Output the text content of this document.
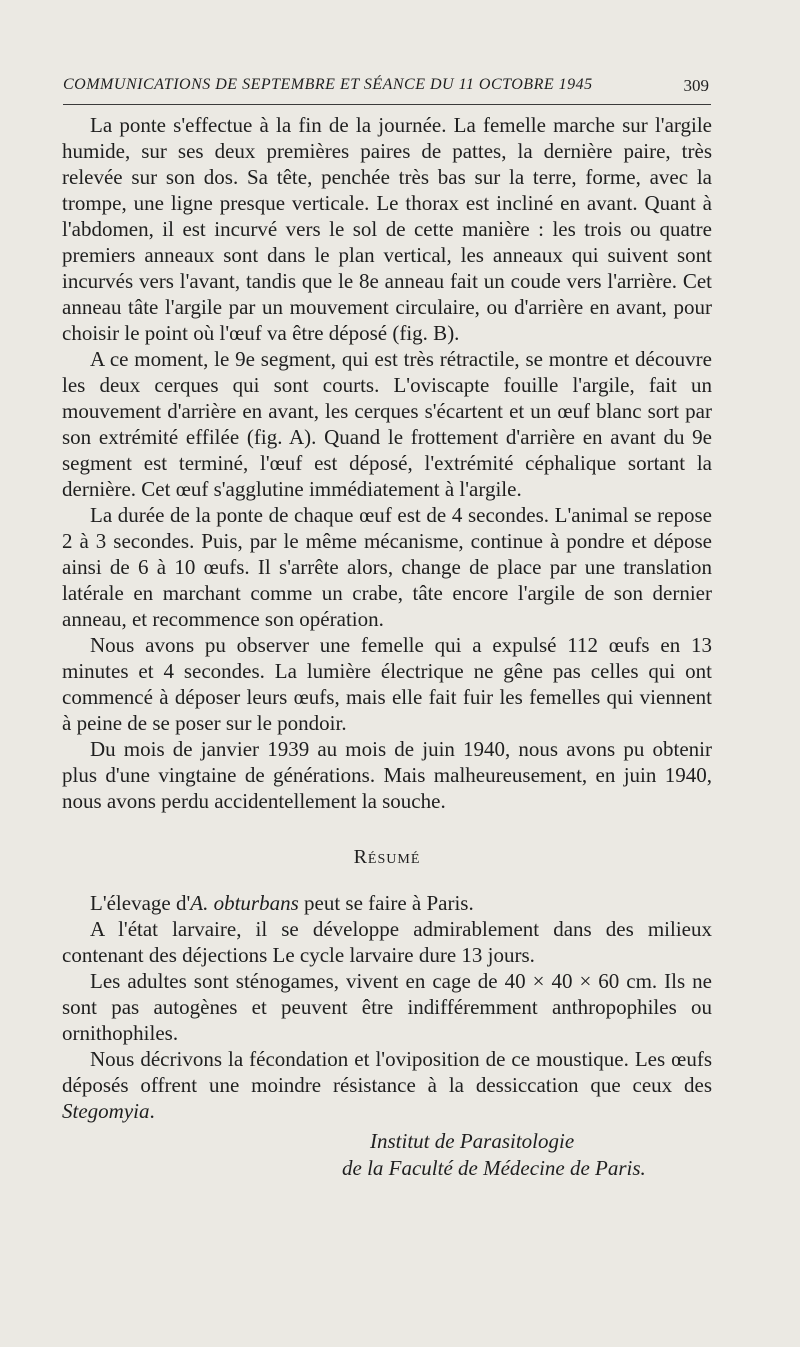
COMMUNICATIONS DE SEPTEMBRE ET SÉANCE DU 11 OCTOBRE 1945	309

La ponte s'effectue à la fin de la journée. La femelle marche sur l'argile humide, sur ses deux premières paires de pattes, la dernière paire, très relevée sur son dos. Sa tête, penchée très bas sur la terre, forme, avec la trompe, une ligne presque verticale. Le thorax est incliné en avant. Quant à l'abdomen, il est incurvé vers le sol de cette manière : les trois ou quatre premiers anneaux sont dans le plan vertical, les anneaux qui suivent sont incurvés vers l'avant, tandis que le 8e anneau fait un coude vers l'arrière. Cet anneau tâte l'argile par un mouvement circulaire, ou d'arrière en avant, pour choisir le point où l'œuf va être déposé (fig. B).

A ce moment, le 9e segment, qui est très rétractile, se montre et découvre les deux cerques qui sont courts. L'oviscapte fouille l'argile, fait un mouvement d'arrière en avant, les cerques s'écartent et un œuf blanc sort par son extrémité effilée (fig. A). Quand le frottement d'arrière en avant du 9e segment est terminé, l'œuf est déposé, l'extrémité céphalique sortant la dernière. Cet œuf s'agglutine immédiatement à l'argile.

La durée de la ponte de chaque œuf est de 4 secondes. L'animal se repose 2 à 3 secondes. Puis, par le même mécanisme, continue à pondre et dépose ainsi de 6 à 10 œufs. Il s'arrête alors, change de place par une translation latérale en marchant comme un crabe, tâte encore l'argile de son dernier anneau, et recommence son opération.

Nous avons pu observer une femelle qui a expulsé 112 œufs en 13 minutes et 4 secondes. La lumière électrique ne gêne pas celles qui ont commencé à déposer leurs œufs, mais elle fait fuir les femelles qui viennent à peine de se poser sur le pondoir.

Du mois de janvier 1939 au mois de juin 1940, nous avons pu obtenir plus d'une vingtaine de générations. Mais malheureusement, en juin 1940, nous avons perdu accidentellement la souche.

Résumé

L'élevage d'A. obturbans peut se faire à Paris.

A l'état larvaire, il se développe admirablement dans des milieux contenant des déjections Le cycle larvaire dure 13 jours.

Les adultes sont sténogames, vivent en cage de 40 × 40 × 60 cm. Ils ne sont pas autogènes et peuvent être indifféremment anthropophiles ou ornithophiles.

Nous décrivons la fécondation et l'oviposition de ce moustique. Les œufs déposés offrent une moindre résistance à la dessiccation que ceux des Stegomyia.

Institut de Parasitologie
de la Faculté de Médecine de Paris.
